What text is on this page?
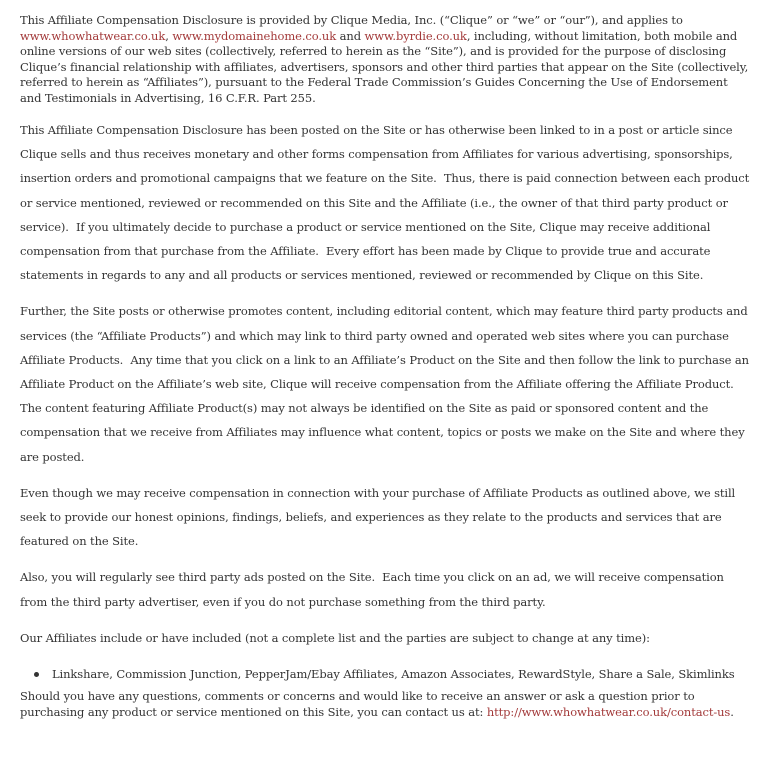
This Affiliate Compensation Disclosure is provided by Clique Media, Inc. (“Clique” or “we” or “our”), and applies to www.whowhatwear.co.uk, www.mydomainehome.co.uk and www.byrdie.co.uk, including, without limitation, both mobile and online versions of our web sites (collectively, referred to herein as the “Site”), and is provided for the purpose of disclosing Clique’s financial relationship with affiliates, advertisers, sponsors and other third parties that appear on the Site (collectively, referred to herein as “Affiliates”), pursuant to the Federal Trade Commission’s Guides Concerning the Use of Endorsement and Testimonials in Advertising, 16 C.F.R. Part 255.

This Affiliate Compensation Disclosure has been posted on the Site or has otherwise been linked to in a post or article since Clique sells and thus receives monetary and other forms compensation from Affiliates for various advertising, sponsorships, insertion orders and promotional campaigns that we feature on the Site.  Thus, there is paid connection between each product or service mentioned, reviewed or recommended on this Site and the Affiliate (i.e., the owner of that third party product or service).  If you ultimately decide to purchase a product or service mentioned on the Site, Clique may receive additional compensation from that purchase from the Affiliate.  Every effort has been made by Clique to provide true and accurate statements in regards to any and all products or services mentioned, reviewed or recommended by Clique on this Site.

Further, the Site posts or otherwise promotes content, including editorial content, which may feature third party products and services (the “Affiliate Products”) and which may link to third party owned and operated web sites where you can purchase Affiliate Products.  Any time that you click on a link to an Affiliate’s Product on the Site and then follow the link to purchase an Affiliate Product on the Affiliate’s web site, Clique will receive compensation from the Affiliate offering the Affiliate Product.  The content featuring Affiliate Product(s) may not always be identified on the Site as paid or sponsored content and the compensation that we receive from Affiliates may influence what content, topics or posts we make on the Site and where they are posted.

Even though we may receive compensation in connection with your purchase of Affiliate Products as outlined above, we still seek to provide our honest opinions, findings, beliefs, and experiences as they relate to the products and services that are featured on the Site.

Also, you will regularly see third party ads posted on the Site.  Each time you click on an ad, we will receive compensation from the third party advertiser, even if you do not purchase something from the third party.

Our Affiliates include or have included (not a complete list and the parties are subject to change at any time):

Linkshare, Commission Junction, PepperJam/Ebay Affiliates, Amazon Associates, RewardStyle, Share a Sale, Skimlinks

Should you have any questions, comments or concerns and would like to receive an answer or ask a question prior to purchasing any product or service mentioned on this Site, you can contact us at: http://www.whowhatwear.co.uk/contact-us.
